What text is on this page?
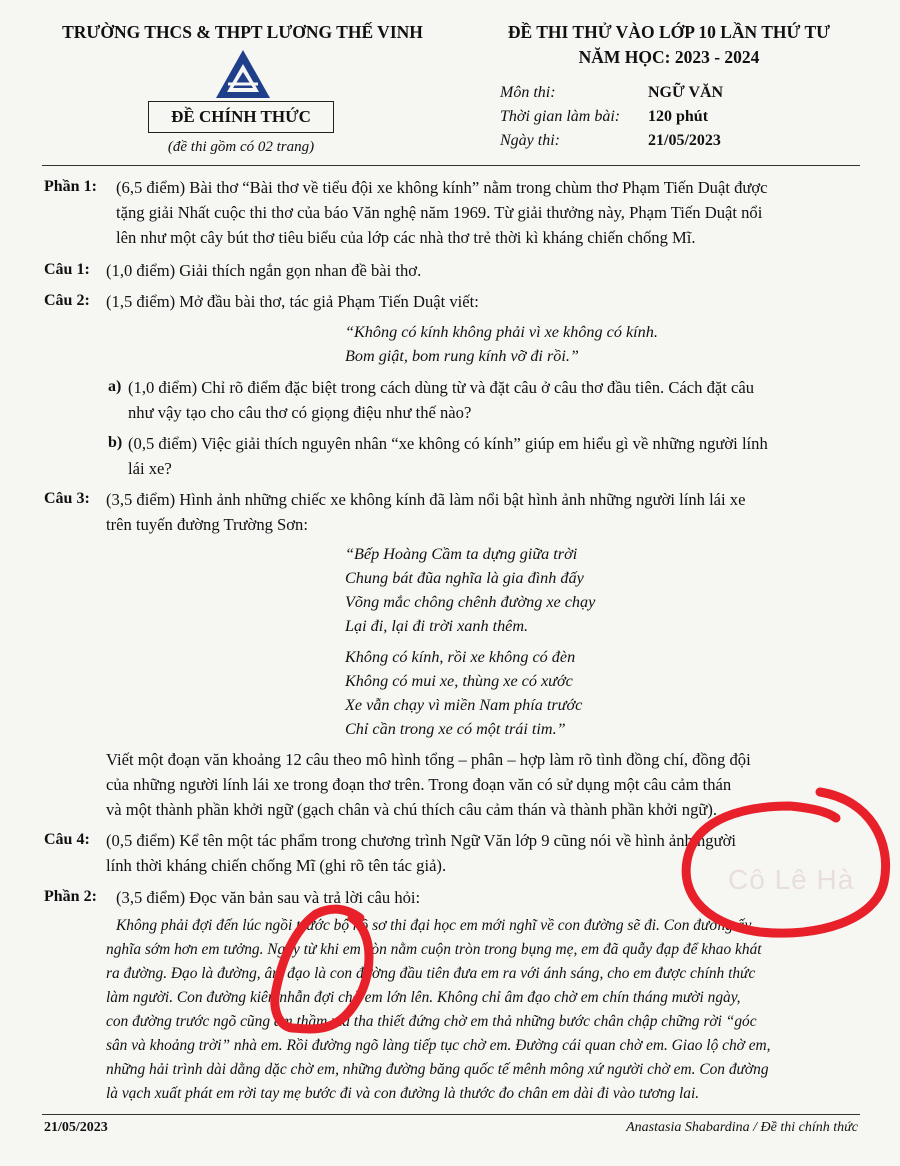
TRƯỜNG THCS & THPT LƯƠNG THẾ VINH
ĐỀ CHÍNH THỨC
(đề thi gồm có 02 trang)
ĐỀ THI THỬ VÀO LỚP 10 LẦN THỨ TƯ
NĂM HỌC: 2023 - 2024
Môn thi:	NGỮ VĂN
Thời gian làm bài: 120 phút
Ngày thi:	21/05/2023
Phần 1: (6,5 điểm) Bài thơ “Bài thơ về tiểu đội xe không kính” nằm trong chùm thơ Phạm Tiến Duật được
tặng giải Nhất cuộc thi thơ của báo Văn nghệ năm 1969. Từ giải thưởng này, Phạm Tiến Duật nổi
lên như một cây bút thơ tiêu biểu của lớp các nhà thơ trẻ thời kì kháng chiến chống Mĩ.
Câu 1: (1,0 điểm) Giải thích ngắn gọn nhan đề bài thơ.
Câu 2: (1,5 điểm) Mở đầu bài thơ, tác giả Phạm Tiến Duật viết:
“Không có kính không phải vì xe không có kính.
Bom giật, bom rung kính vỡ đi rồi.”
a) (1,0 điểm) Chỉ rõ điểm đặc biệt trong cách dùng từ và đặt câu ở câu thơ đầu tiên. Cách đặt câu
như vậy tạo cho câu thơ có giọng điệu như thế nào?
b) (0,5 điểm) Việc giải thích nguyên nhân “xe không có kính” giúp em hiểu gì về những người lính
lái xe?
Câu 3: (3,5 điểm) Hình ảnh những chiếc xe không kính đã làm nổi bật hình ảnh những người lính lái xe
trên tuyến đường Trường Sơn:
“Bếp Hoàng Cầm ta dựng giữa trời
Chung bát đũa nghĩa là gia đình đấy
Võng mắc chông chênh đường xe chạy
Lại đi, lại đi trời xanh thêm.
Không có kính, rồi xe không có đèn
Không có mui xe, thùng xe có xước
Xe vẫn chạy vì miền Nam phía trước
Chỉ cần trong xe có một trái tim.”
Viết một đoạn văn khoảng 12 câu theo mô hình tổng – phân – hợp làm rõ tình đồng chí, đồng đội
của những người lính lái xe trong đoạn thơ trên. Trong đoạn văn có sử dụng một câu cảm thán
và một thành phần khởi ngữ (gạch chân và chú thích câu cảm thán và thành phần khởi ngữ).
Câu 4: (0,5 điểm) Kể tên một tác phẩm trong chương trình Ngữ Văn lớp 9 cũng nói về hình ảnh người
lính thời kháng chiến chống Mĩ (ghi rõ tên tác giả).
Phần 2: (3,5 điểm) Đọc văn bản sau và trả lời câu hỏi:
Không phải đợi đến lúc ngồi trước bộ hồ sơ thi đại học em mới nghĩ về con đường sẽ đi. Con đường ấy
nghĩa sớm hơn em tưởng. Ngay từ khi em còn nằm cuộn tròn trong bụng mẹ, em đã quẫy đạp để khao khát
ra đường. Đạo là đường, âm đạo là con đường đầu tiên đưa em ra với ánh sáng, cho em được chính thức
làm người. Con đường kiên nhẫn đợi chờ em lớn lên. Không chỉ âm đạo chờ em chín tháng mười ngày,
con đường trước ngõ cũng âm thầm mà tha thiết đứng chờ em thả những bước chân chập chững rời “góc
sân và khoảng trời” nhà em. Rồi đường ngõ làng tiếp tục chờ em. Đường cái quan chờ em. Giao lộ chờ em,
những hải trình dài dằng dặc chờ em, những đường băng quốc tế mênh mông xứ người chờ em. Con đường
là vạch xuất phát em rời tay mẹ bước đi và con đường là thước đo chân em dài đi vào tương lai.
Cô Lê Hà
21/05/2023	Anastasia Shabardina / Đề thi chính thức
